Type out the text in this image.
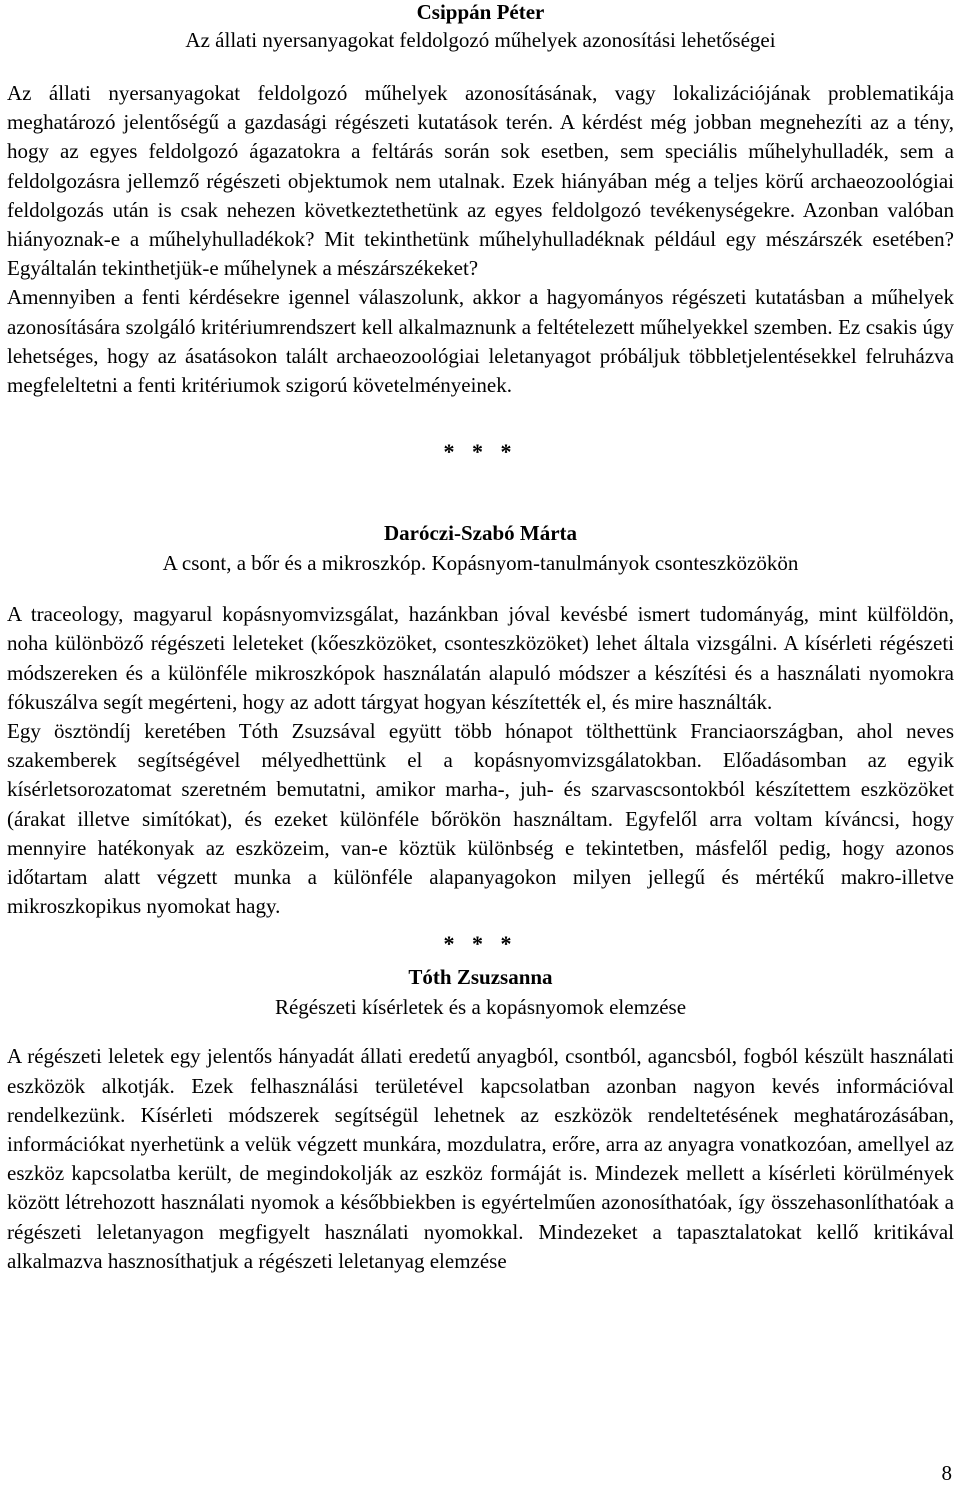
Csippán Péter

Az állati nyersanyagokat feldolgozó műhelyek azonosítási lehetőségei

Az állati nyersanyagokat feldolgozó műhelyek azonosításának, vagy lokalizációjának problematikája meghatározó jelentőségű a gazdasági régészeti kutatások terén. A kérdést még jobban megnehezíti az a tény, hogy az egyes feldolgozó ágazatokra a feltárás során sok esetben, sem speciális műhelyhulladék, sem a feldolgozásra jellemző régészeti objektumok nem utalnak. Ezek hiányában még a teljes körű archaeozoológiai feldolgozás után is csak nehezen következtethetünk az egyes feldolgozó tevékenységekre. Azonban valóban hiányoznak-e a műhelyhulladékok? Mit tekinthetünk műhelyhulladéknak például egy mészárszék esetében? Egyáltalán tekinthetjük-e műhelynek a mészárszékeket?

Amennyiben a fenti kérdésekre igennel válaszolunk, akkor a hagyományos régészeti kutatásban a műhelyek azonosítására szolgáló kritériumrendszert kell alkalmaznunk a feltételezett műhelyekkel szemben. Ez csakis úgy lehetséges, hogy az ásatásokon talált archaeozoológiai leletanyagot próbáljuk többletjelentésekkel felruházva megfeleltetni a fenti kritériumok szigorú követelményeinek.

* * *

Daróczi-Szabó Márta

A csont, a bőr és a mikroszkóp. Kopásnyom-tanulmányok csonteszközökön

A traceology, magyarul kopásnyomvizsgálat, hazánkban jóval kevésbé ismert tudományág, mint külföldön, noha különböző régészeti leleteket (kőeszközöket, csonteszközöket) lehet általa vizsgálni. A kísérleti régészeti módszereken és a különféle mikroszkópok használatán alapuló módszer a készítési és a használati nyomokra fókuszálva segít megérteni, hogy az adott tárgyat hogyan készítették el, és mire használták.

Egy ösztöndíj keretében Tóth Zsuzsával együtt több hónapot tölthettünk Franciaországban, ahol neves szakemberek segítségével mélyedhettünk el a kopásnyomvizsgálatokban. Előadásomban az egyik kísérletsorozatomat szeretném bemutatni, amikor marha-, juh- és szarvascsontokból készítettem eszközöket (árakat illetve simítókat), és ezeket különféle bőrökön használtam. Egyfelől arra voltam kíváncsi, hogy mennyire hatékonyak az eszközeim, van-e köztük különbség e tekintetben, másfelől pedig, hogy azonos időtartam alatt végzett munka a különféle alapanyagokon milyen jellegű és mértékű makro-illetve mikroszkopikus nyomokat hagy.

* * *

Tóth Zsuzsanna

Régészeti kísérletek és a kopásnyomok elemzése

A régészeti leletek egy jelentős hányadát állati eredetű anyagból, csontból, agancsból, fogból készült használati eszközök alkotják. Ezek felhasználási területével kapcsolatban azonban nagyon kevés információval rendelkezünk. Kísérleti módszerek segítségül lehetnek az eszközök rendeltetésének meghatározásában, információkat nyerhetünk a velük végzett munkára, mozdulatra, erőre, arra az anyagra vonatkozóan, amellyel az eszköz kapcsolatba került, de megindokolják az eszköz formáját is. Mindezek mellett a kísérleti körülmények között létrehozott használati nyomok a későbbiekben is egyértelműen azonosíthatóak, így összehasonlíthatóak a régészeti leletanyagon megfigyelt használati nyomokkal. Mindezeket a tapasztalatokat kellő kritikával alkalmazva hasznosíthatjuk a régészeti leletanyag elemzése

8
